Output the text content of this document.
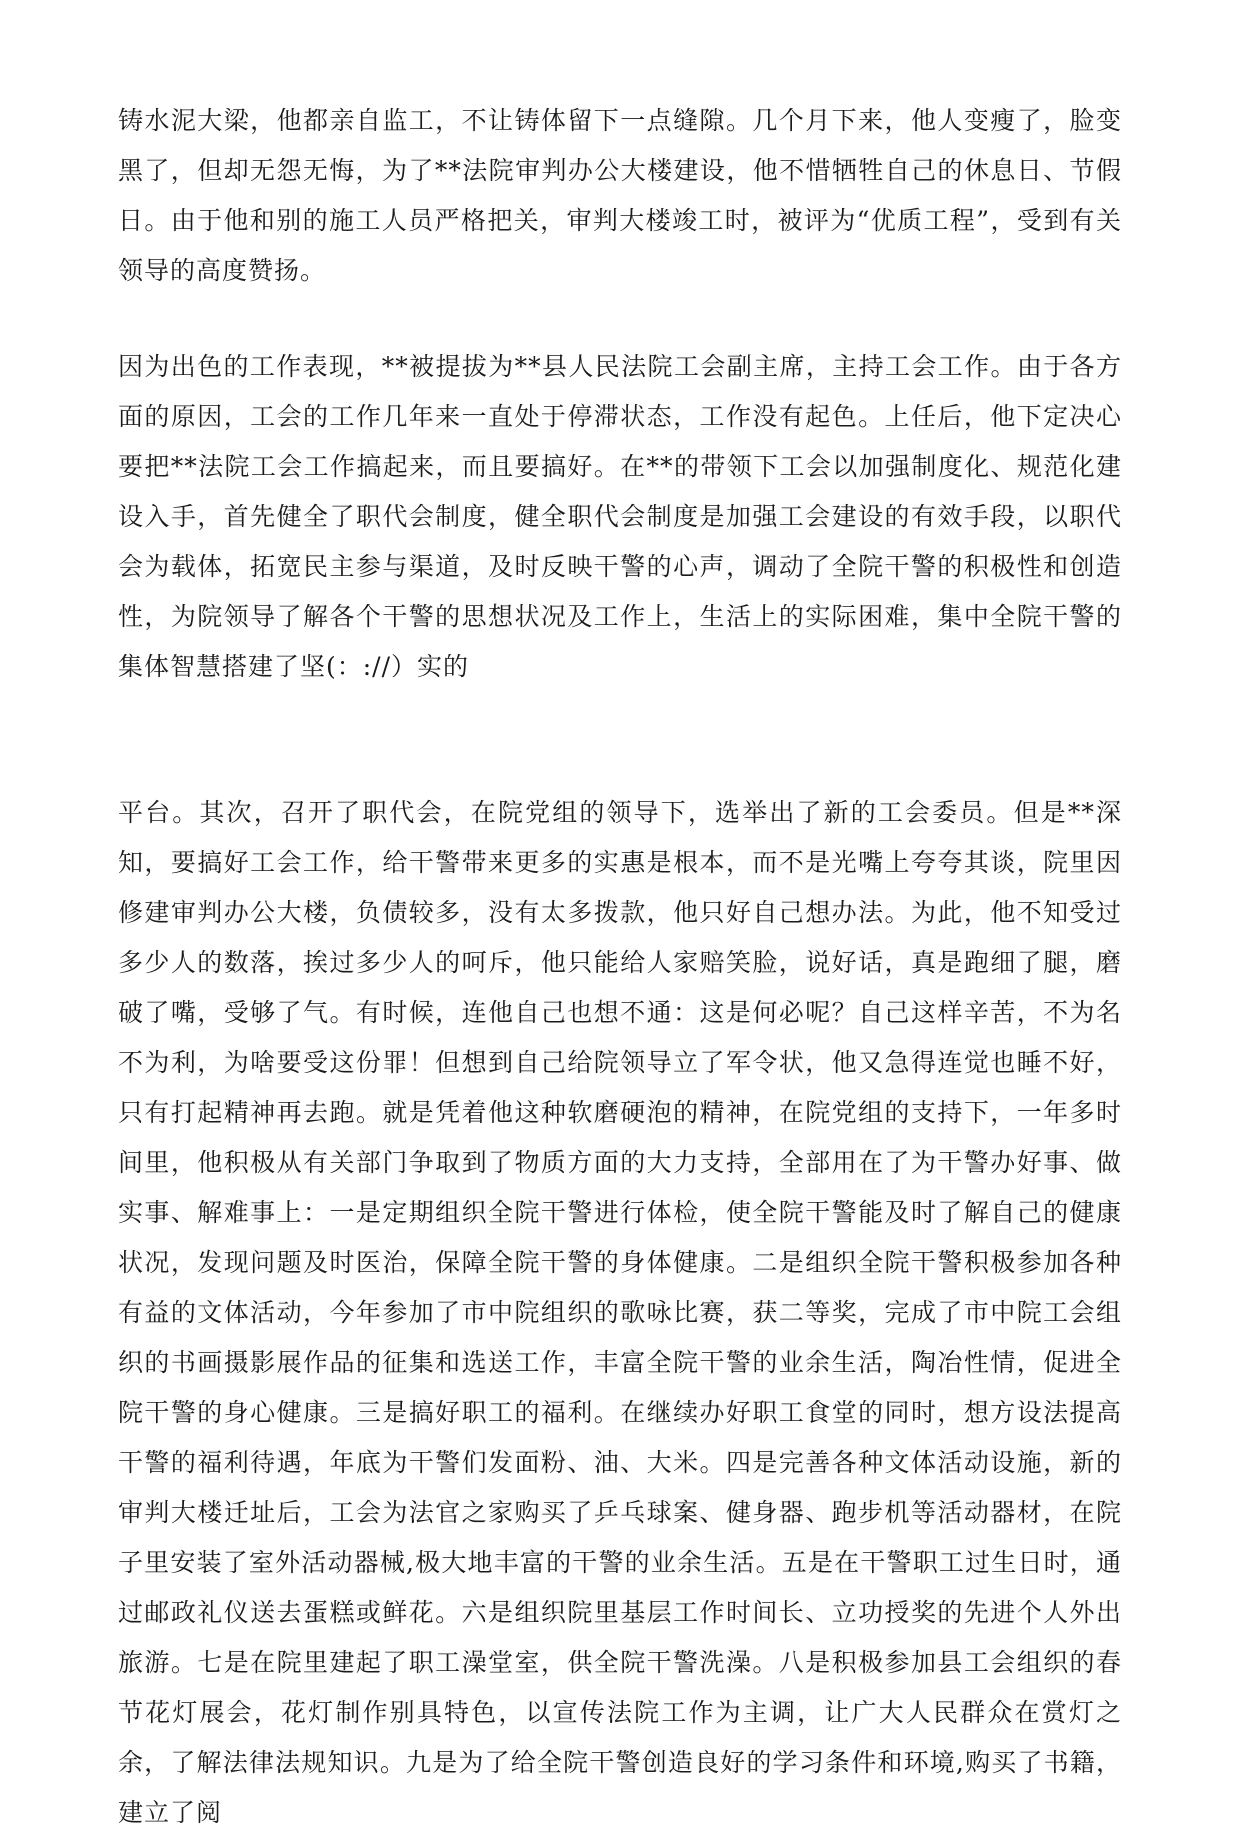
铸水泥大梁，他都亲自监工，不让铸体留下一点缝隙。几个月下来，他人变瘦了，脸变黑了，但却无怨无悔，为了**法院审判办公大楼建设，他不惜牺牲自己的休息日、节假日。由于他和别的施工人员严格把关，审判大楼竣工时，被评为“优质工程”，受到有关领导的高度赞扬。

因为出色的工作表现，**被提拔为**县人民法院工会副主席，主持工会工作。由于各方面的原因，工会的工作几年来一直处于停滞状态，工作没有起色。上任后，他下定决心要把**法院工会工作搞起来，而且要搞好。在**的带领下工会以加强制度化、规范化建设入手，首先健全了职代会制度，健全职代会制度是加强工会建设的有效手段，以职代会为载体，拓宽民主参与渠道，及时反映干警的心声，调动了全院干警的积极性和创造性，为院领导了解各个干警的思想状况及工作上，生活上的实际困难，集中全院干警的集体智慧搭建了坚(：://）实的

平台。其次，召开了职代会，在院党组的领导下，选举出了新的工会委员。但是**深知，要搞好工会工作，给干警带来更多的实惠是根本，而不是光嘴上夸夸其谈，院里因修建审判办公大楼，负债较多，没有太多拨款，他只好自己想办法。为此，他不知受过多少人的数落，挨过多少人的呵斥，他只能给人家赔笑脸，说好话，真是跑细了腿，磨破了嘴，受够了气。有时候，连他自己也想不通：这是何必呢？自己这样辛苦，不为名不为利，为啥要受这份罪！但想到自己给院领导立了军令状，他又急得连觉也睡不好，只有打起精神再去跑。就是凭着他这种软磨硬泡的精神，在院党组的支持下，一年多时间里，他积极从有关部门争取到了物质方面的大力支持，全部用在了为干警办好事、做实事、解难事上：一是定期组织全院干警进行体检，使全院干警能及时了解自己的健康状况，发现问题及时医治，保障全院干警的身体健康。二是组织全院干警积极参加各种有益的文体活动，今年参加了市中院组织的歌咏比赛，获二等奖，完成了市中院工会组织的书画摄影展作品的征集和选送工作，丰富全院干警的业余生活，陶冶性情，促进全院干警的身心健康。三是搞好职工的福利。在继续办好职工食堂的同时，想方设法提高干警的福利待遇，年底为干警们发面粉、油、大米。四是完善各种文体活动设施，新的审判大楼迁址后，工会为法官之家购买了乒乓球案、健身器、跑步机等活动器材，在院子里安装了室外活动器械,极大地丰富的干警的业余生活。五是在干警职工过生日时，通过邮政礼仪送去蛋糕或鲜花。六是组织院里基层工作时间长、立功授奖的先进个人外出旅游。七是在院里建起了职工澡堂室，供全院干警洗澡。八是积极参加县工会组织的春节花灯展会，花灯制作别具特色，以宣传法院工作为主调，让广大人民群众在赏灯之余，了解法律法规知识。九是为了给全院干警创造良好的学习条件和环境,购买了书籍，建立了阅
